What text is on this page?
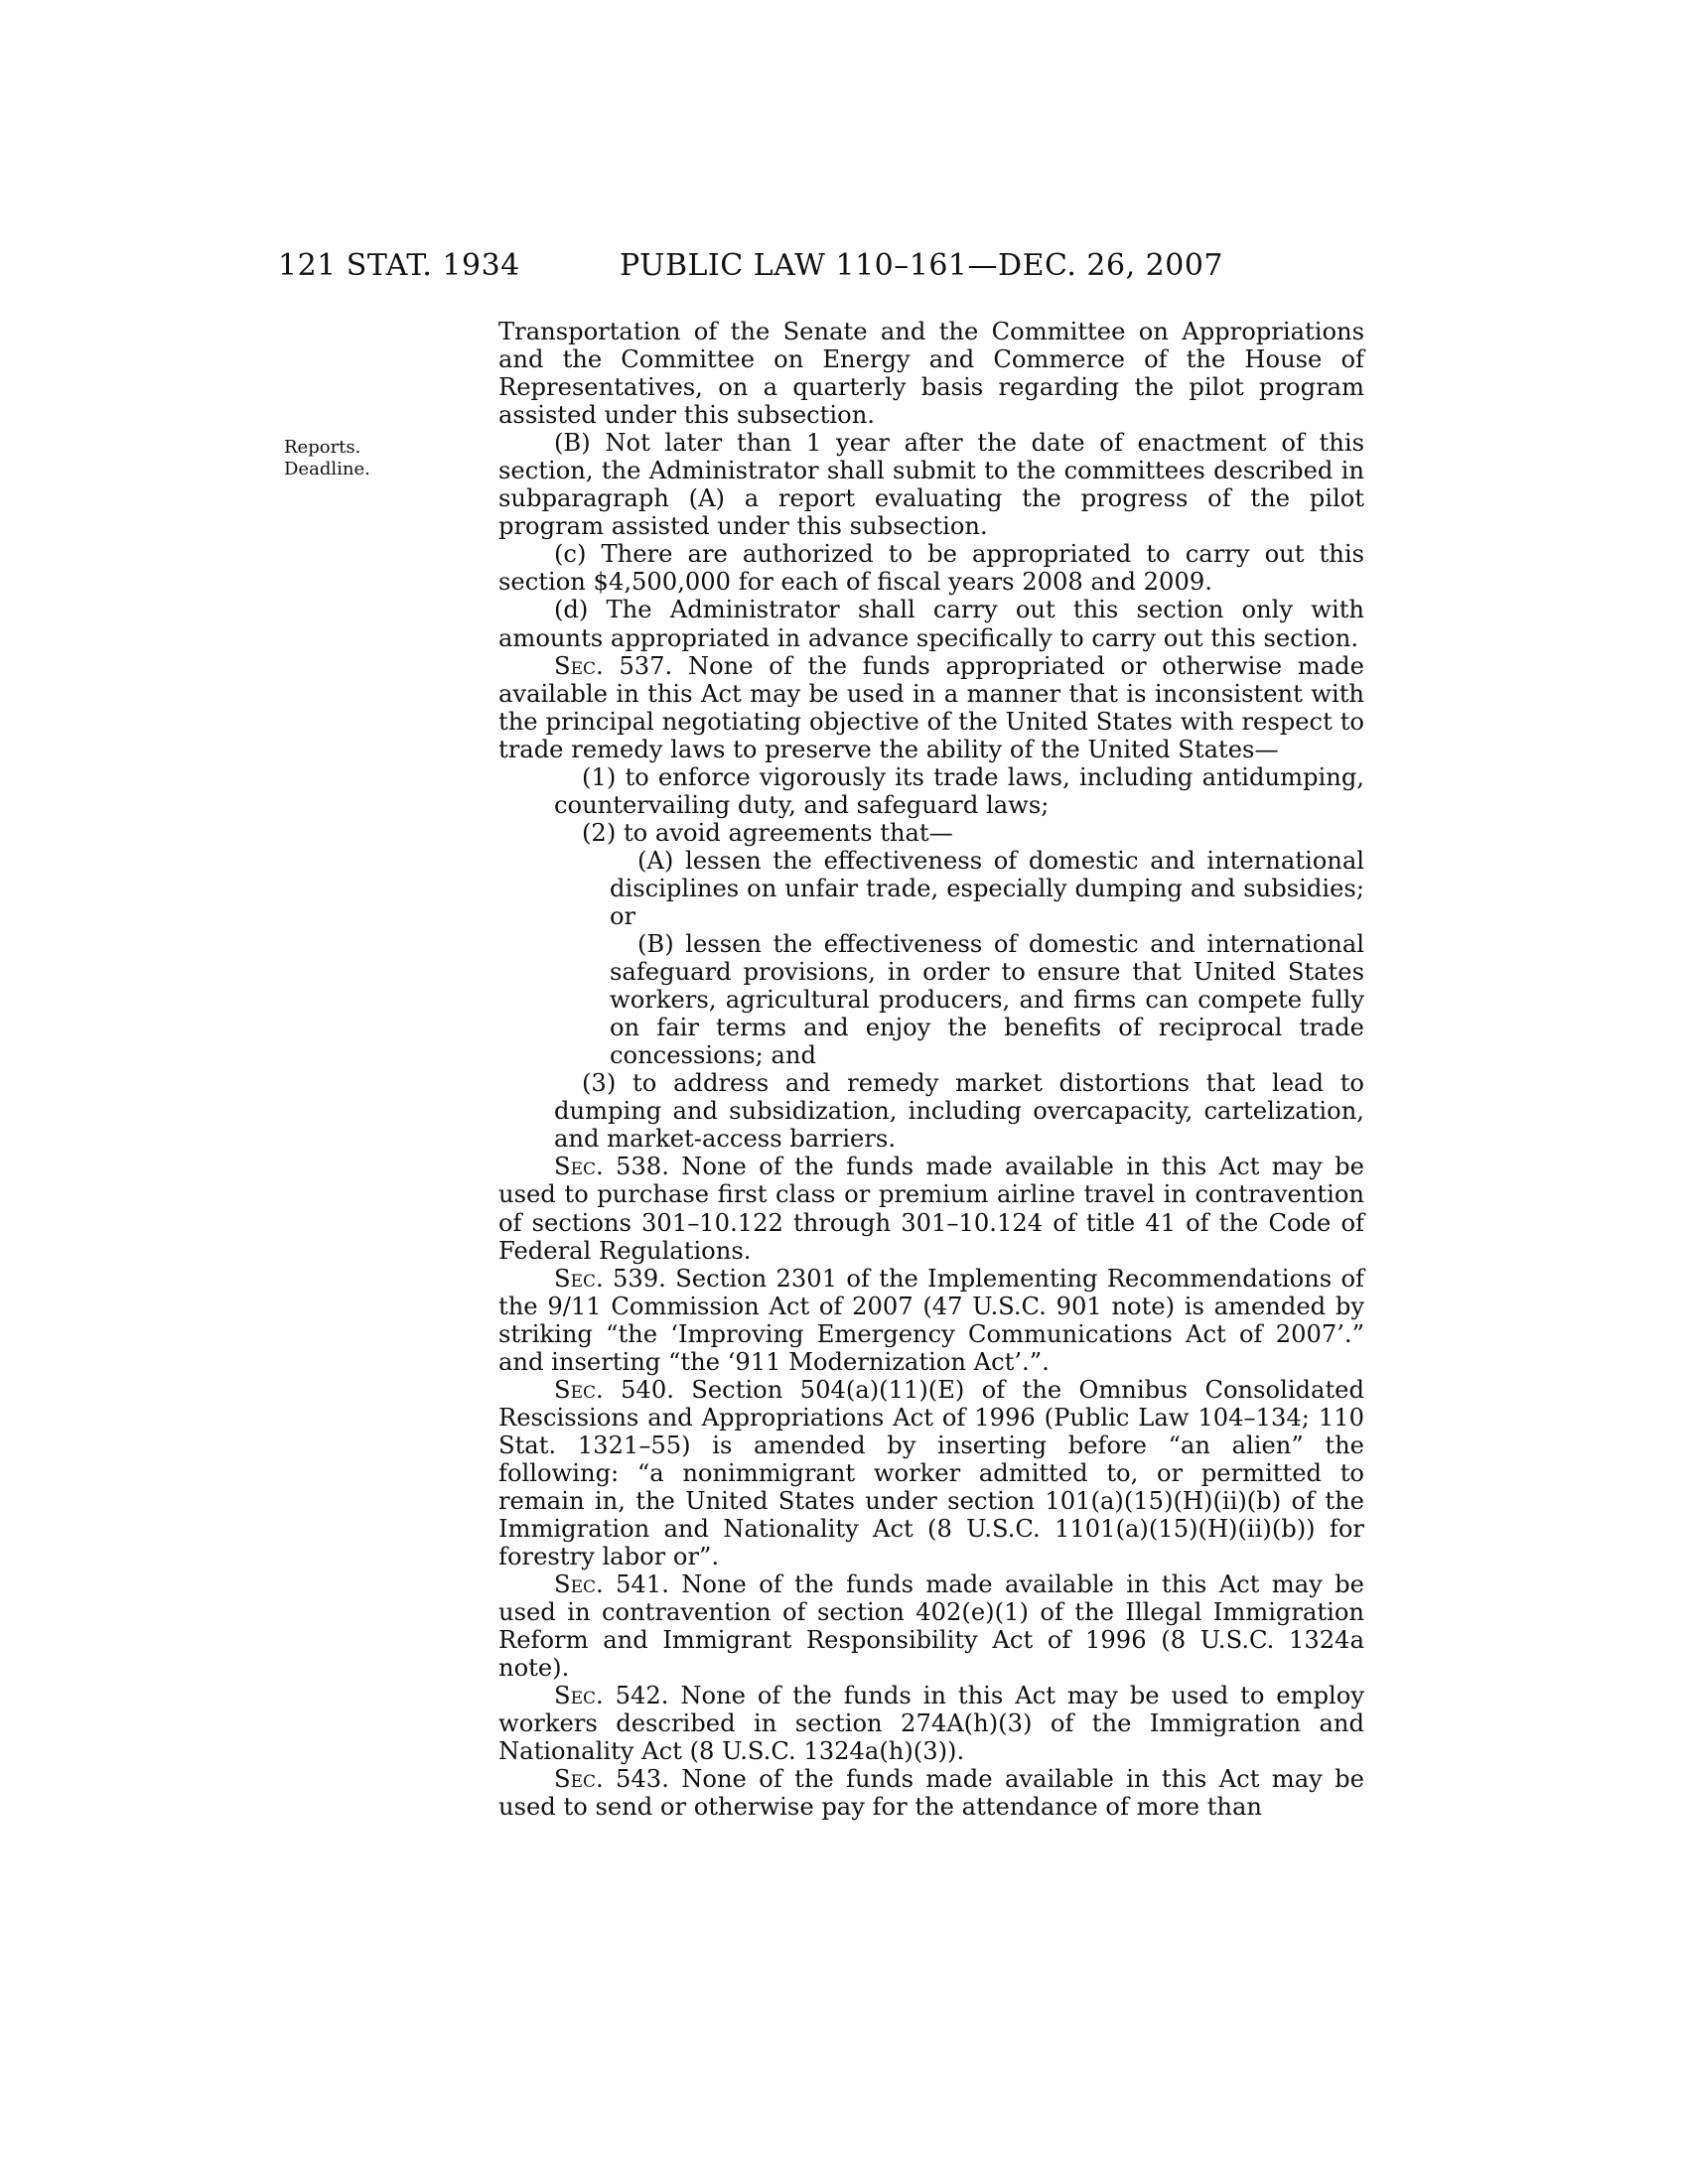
121 STAT. 1934	PUBLIC LAW 110–161—DEC. 26, 2007
Reports.
Deadline.

Transportation of the Senate and the Committee on Appropriations and the Committee on Energy and Commerce of the House of Representatives, on a quarterly basis regarding the pilot program assisted under this subsection.

(B) Not later than 1 year after the date of enactment of this section, the Administrator shall submit to the committees described in subparagraph (A) a report evaluating the progress of the pilot program assisted under this subsection.

(c) There are authorized to be appropriated to carry out this section $4,500,000 for each of fiscal years 2008 and 2009.

(d) The Administrator shall carry out this section only with amounts appropriated in advance specifically to carry out this section.

Sec. 537. None of the funds appropriated or otherwise made available in this Act may be used in a manner that is inconsistent with the principal negotiating objective of the United States with respect to trade remedy laws to preserve the ability of the United States—

(1) to enforce vigorously its trade laws, including antidumping, countervailing duty, and safeguard laws;

(2) to avoid agreements that—

(A) lessen the effectiveness of domestic and international disciplines on unfair trade, especially dumping and subsidies; or

(B) lessen the effectiveness of domestic and international safeguard provisions, in order to ensure that United States workers, agricultural producers, and firms can compete fully on fair terms and enjoy the benefits of reciprocal trade concessions; and

(3) to address and remedy market distortions that lead to dumping and subsidization, including overcapacity, cartelization, and market-access barriers.

Sec. 538. None of the funds made available in this Act may be used to purchase first class or premium airline travel in contravention of sections 301–10.122 through 301–10.124 of title 41 of the Code of Federal Regulations.

Sec. 539. Section 2301 of the Implementing Recommendations of the 9/11 Commission Act of 2007 (47 U.S.C. 901 note) is amended by striking “the ‘Improving Emergency Communications Act of 2007’.” and inserting “the ‘911 Modernization Act’.”.

Sec. 540. Section 504(a)(11)(E) of the Omnibus Consolidated Rescissions and Appropriations Act of 1996 (Public Law 104–134; 110 Stat. 1321–55) is amended by inserting before “an alien” the following: “a nonimmigrant worker admitted to, or permitted to remain in, the United States under section 101(a)(15)(H)(ii)(b) of the Immigration and Nationality Act (8 U.S.C. 1101(a)(15)(H)(ii)(b)) for forestry labor or”.

Sec. 541. None of the funds made available in this Act may be used in contravention of section 402(e)(1) of the Illegal Immigration Reform and Immigrant Responsibility Act of 1996 (8 U.S.C. 1324a note).

Sec. 542. None of the funds in this Act may be used to employ workers described in section 274A(h)(3) of the Immigration and Nationality Act (8 U.S.C. 1324a(h)(3)).

Sec. 543. None of the funds made available in this Act may be used to send or otherwise pay for the attendance of more than
